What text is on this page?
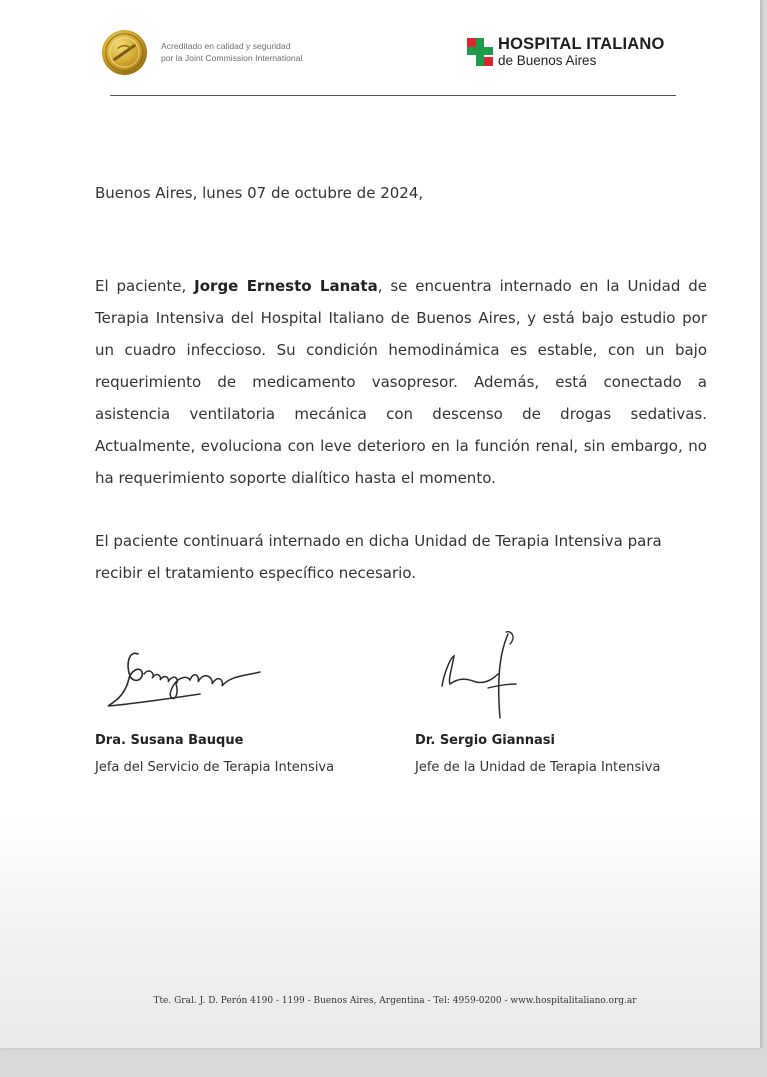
Acreditado en calidad y seguridad
por la Joint Commission International
HOSPITAL ITALIANO
de Buenos Aires
Buenos Aires, lunes 07 de octubre de 2024,
El paciente, Jorge Ernesto Lanata, se encuentra internado en la Unidad de Terapia Intensiva del Hospital Italiano de Buenos Aires, y está bajo estudio por un cuadro infeccioso. Su condición hemodinámica es estable, con un bajo requerimiento de medicamento vasopresor. Además, está conectado a asistencia ventilatoria mecánica con descenso de drogas sedativas. Actualmente, evoluciona con leve deterioro en la función renal, sin embargo, no ha requerimiento soporte dialítico hasta el momento.
El paciente continuará internado en dicha Unidad de Terapia Intensiva para recibir el tratamiento específico necesario.
Dra. Susana Bauque
Jefa del Servicio de Terapia Intensiva
Dr. Sergio Giannasi
Jefe de la Unidad de Terapia Intensiva
Tte. Gral. J. D. Perón 4190 - 1199 - Buenos Aires, Argentina - Tel: 4959-0200 - www.hospitalitaliano.org.ar
